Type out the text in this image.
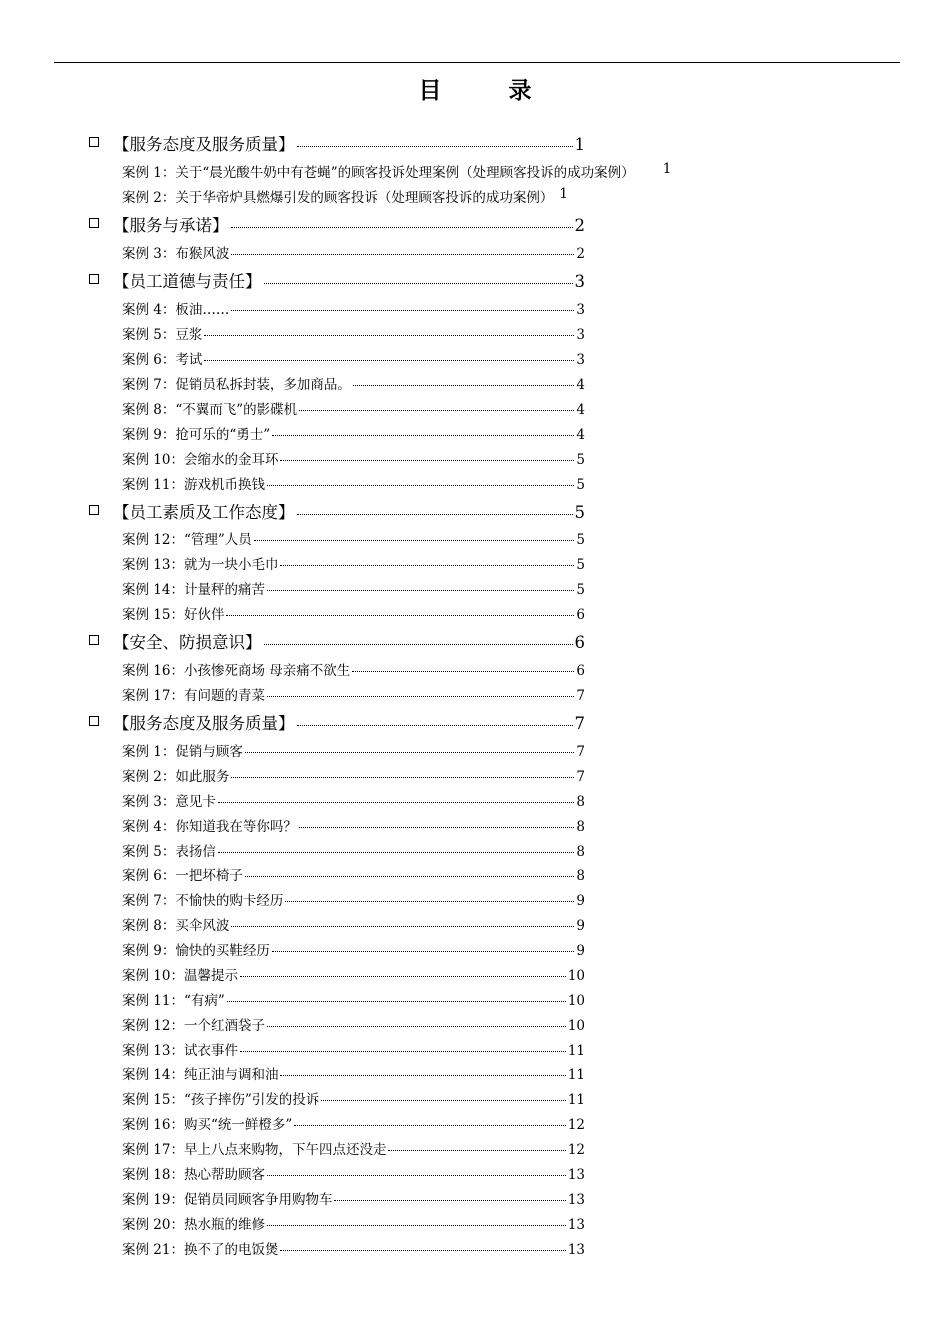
目　录
【服务态度及服务质量】	1
案例 1：关于“晨光酸牛奶中有苍蝇”的顾客投诉处理案例（处理顾客投诉的成功案例） 1
案例 2：关于华帝炉具燃爆引发的顾客投诉（处理顾客投诉的成功案例） 1
【服务与承诺】	2
案例 3：布猴风波	2
【员工道德与责任】	3
案例 4：板油……	3
案例 5：豆浆	3
案例 6：考试	3
案例 7：促销员私拆封装，多加商品。	4
案例 8：“不翼而飞”的影碟机	4
案例 9：抢可乐的“勇士”	4
案例 10：会缩水的金耳环	5
案例 11：游戏机币换钱	5
【员工素质及工作态度】	5
案例 12：“管理”人员	5
案例 13：就为一块小毛巾	5
案例 14：计量秤的痛苦	5
案例 15：好伙伴	6
【安全、防损意识】	6
案例 16：小孩惨死商场 母亲痛不欲生	6
案例 17：有问题的青菜	7
【服务态度及服务质量】	7
案例 1：促销与顾客	7
案例 2：如此服务	7
案例 3：意见卡	8
案例 4：你知道我在等你吗？	8
案例 5：表扬信	8
案例 6：一把坏椅子	8
案例 7：不愉快的购卡经历	9
案例 8：买伞风波	9
案例 9：愉快的买鞋经历	9
案例 10：温馨提示	10
案例 11：“有病”	10
案例 12：一个红酒袋子	10
案例 13：试衣事件	11
案例 14：纯正油与调和油	11
案例 15：“孩子摔伤”引发的投诉	11
案例 16：购买“统一鲜橙多”	12
案例 17：早上八点来购物，下午四点还没走	12
案例 18：热心帮助顾客	13
案例 19：促销员同顾客争用购物车	13
案例 20：热水瓶的维修	13
案例 21：换不了的电饭煲	13
